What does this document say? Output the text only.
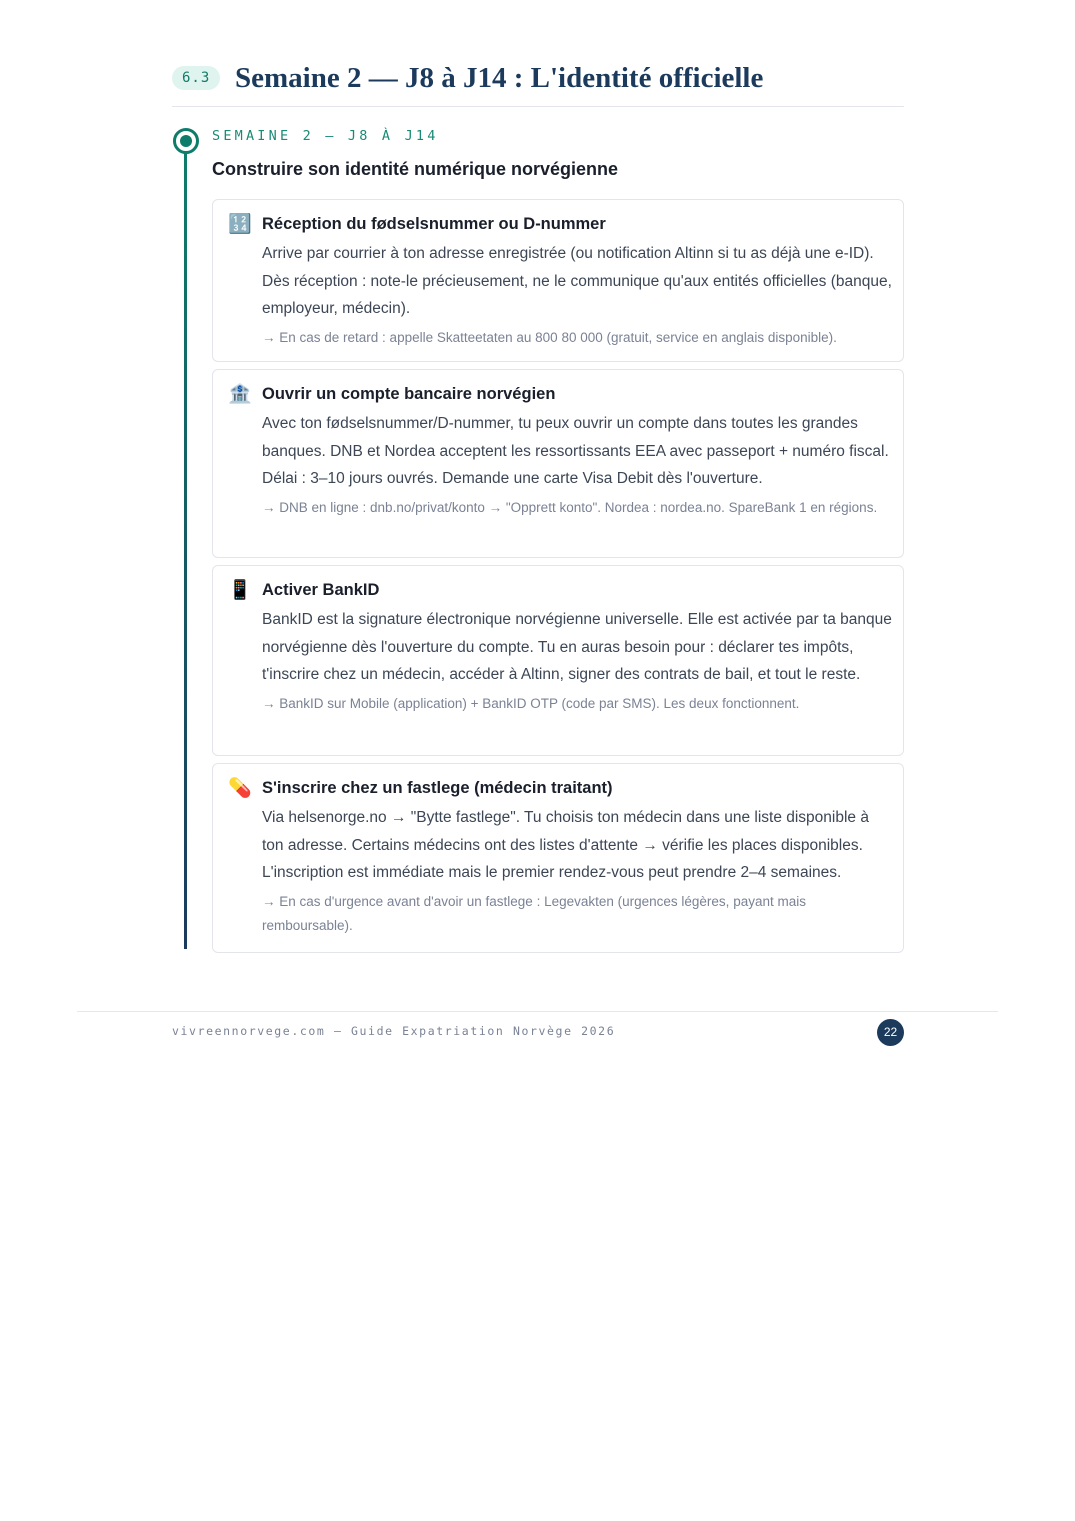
6.3 Semaine 2 — J8 à J14 : L'identité officielle
SEMAINE 2 — J8 À J14
Construire son identité numérique norvégienne
🔢 Réception du fødselsnummer ou D-nummer

Arrive par courrier à ton adresse enregistrée (ou notification Altinn si tu as déjà une e-ID). Dès réception : note-le précieusement, ne le communique qu'aux entités officielles (banque, employeur, médecin).

→ En cas de retard : appelle Skatteetaten au 800 80 000 (gratuit, service en anglais disponible).

🏦 Ouvrir un compte bancaire norvégien

Avec ton fødselsnummer/D-nummer, tu peux ouvrir un compte dans toutes les grandes banques. DNB et Nordea acceptent les ressortissants EEA avec passeport + numéro fiscal. Délai : 3–10 jours ouvrés. Demande une carte Visa Debit dès l'ouverture.

→ DNB en ligne : dnb.no/privat/konto → "Opprett konto". Nordea : nordea.no. SpareBank 1 en régions.

📱 Activer BankID

BankID est la signature électronique norvégienne universelle. Elle est activée par ta banque norvégienne dès l'ouverture du compte. Tu en auras besoin pour : déclarer tes impôts, t'inscrire chez un médecin, accéder à Altinn, signer des contrats de bail, et tout le reste.

→ BankID sur Mobile (application) + BankID OTP (code par SMS). Les deux fonctionnent.

💊 S'inscrire chez un fastlege (médecin traitant)

Via helsenorge.no → "Bytte fastlege". Tu choisis ton médecin dans une liste disponible à ton adresse. Certains médecins ont des listes d'attente → vérifie les places disponibles. L'inscription est immédiate mais le premier rendez-vous peut prendre 2–4 semaines.

→ En cas d'urgence avant d'avoir un fastlege : Legevakten (urgences légères, payant mais remboursable).

vivreennorvege.com — Guide Expatriation Norvège 2026	22
